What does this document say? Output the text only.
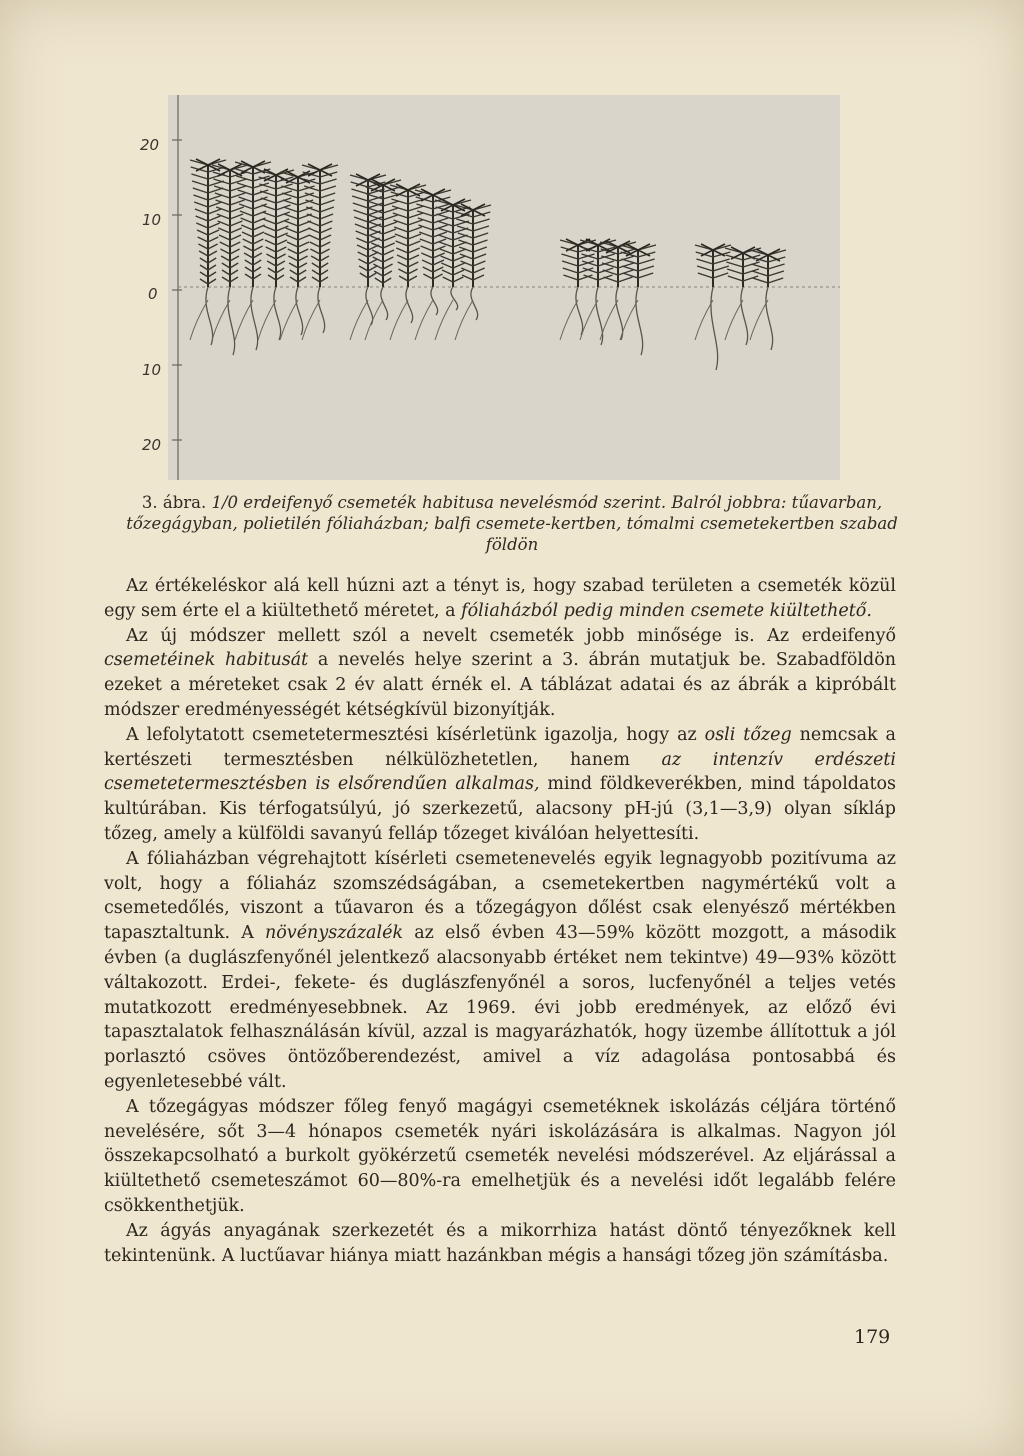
20
10
0
10
20
3. ábra. 1/0 erdeifenyő csemeték habitusa nevelésmód szerint. Balról jobbra: tűavarban, tőzegágyban, polietilén fóliaházban; balfi csemete-kertben, tómalmi csemetekertben szabad földön

Az értékeléskor alá kell húzni azt a tényt is, hogy szabad területen a csemeték közül egy sem érte el a kiültethető méretet, a fóliaházból pedig minden csemete kiültethető.

Az új módszer mellett szól a nevelt csemeték jobb minősége is. Az erdeifenyő csemetéinek habitusát a nevelés helye szerint a 3. ábrán mutatjuk be. Szabadföldön ezeket a méreteket csak 2 év alatt érnék el. A táblázat adatai és az ábrák a kipróbált módszer eredményességét kétségkívül bizonyítják.

A lefolytatott csemetetermesztési kísérletünk igazolja, hogy az osli tőzeg nemcsak a kertészeti termesztésben nélkülözhetetlen, hanem az intenzív erdészeti csemetetermesztésben is elsőrendűen alkalmas, mind földkeverékben, mind tápoldatos kultúrában. Kis térfogatsúlyú, jó szerkezetű, alacsony pH-jú (3,1—3,9) olyan síkláp tőzeg, amely a külföldi savanyú felláp tőzeget kiválóan helyettesíti.

A fóliaházban végrehajtott kísérleti csemetenevelés egyik legnagyobb pozitívuma az volt, hogy a fóliaház szomszédságában, a csemetekertben nagymértékű volt a csemetedőlés, viszont a tűavaron és a tőzegágyon dőlést csak elenyésző mértékben tapasztaltunk. A növényszázalék az első évben 43—59% között mozgott, a második évben (a duglászfenyőnél jelentkező alacsonyabb értéket nem tekintve) 49—93% között váltakozott. Erdei-, fekete- és duglászfenyőnél a soros, lucfenyőnél a teljes vetés mutatkozott eredményesebbnek. Az 1969. évi jobb eredmények, az előző évi tapasztalatok felhasználásán kívül, azzal is magyarázhatók, hogy üzembe állítottuk a jól porlasztó csöves öntözőberendezést, amivel a víz adagolása pontosabbá és egyenletesebbé vált.

A tőzegágyas módszer főleg fenyő magágyi csemetéknek iskolázás céljára történő nevelésére, sőt 3—4 hónapos csemeték nyári iskolázására is alkalmas. Nagyon jól összekapcsolható a burkolt gyökérzetű csemeték nevelési módszerével. Az eljárással a kiültethető csemeteszámot 60—80%-ra emelhetjük és a nevelési időt legalább felére csökkenthetjük.

Az ágyás anyagának szerkezetét és a mikorrhiza hatást döntő tényezőknek kell tekintenünk. A luctűavar hiánya miatt hazánkban mégis a hansági tőzeg jön számításba.

179
